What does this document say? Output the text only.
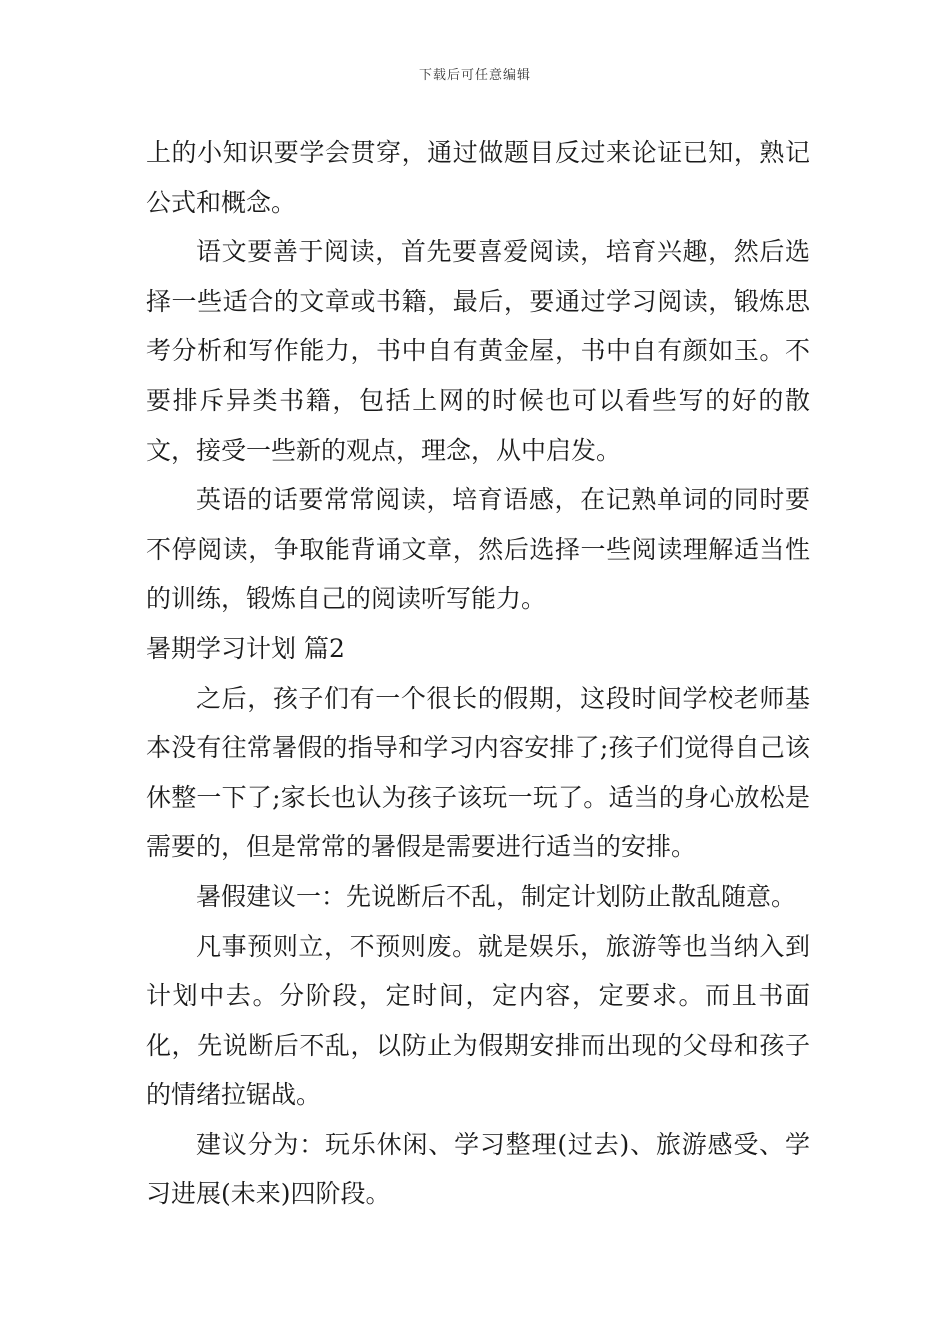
下载后可任意编辑

上的小知识要学会贯穿，通过做题目反过来论证已知，熟记公式和概念。

语文要善于阅读，首先要喜爱阅读，培育兴趣，然后选择一些适合的文章或书籍，最后，要通过学习阅读，锻炼思考分析和写作能力，书中自有黄金屋，书中自有颜如玉。不要排斥异类书籍，包括上网的时候也可以看些写的好的散文，接受一些新的观点，理念，从中启发。

英语的话要常常阅读，培育语感，在记熟单词的同时要不停阅读，争取能背诵文章，然后选择一些阅读理解适当性的训练，锻炼自己的阅读听写能力。

暑期学习计划 篇2

之后，孩子们有一个很长的假期，这段时间学校老师基本没有往常暑假的指导和学习内容安排了;孩子们觉得自己该休整一下了;家长也认为孩子该玩一玩了。适当的身心放松是需要的，但是常常的暑假是需要进行适当的安排。

暑假建议一：先说断后不乱，制定计划防止散乱随意。

凡事预则立，不预则废。就是娱乐，旅游等也当纳入到计划中去。分阶段，定时间，定内容，定要求。而且书面化，先说断后不乱，以防止为假期安排而出现的父母和孩子的情绪拉锯战。

建议分为：玩乐休闲、学习整理(过去)、旅游感受、学习进展(未来)四阶段。
